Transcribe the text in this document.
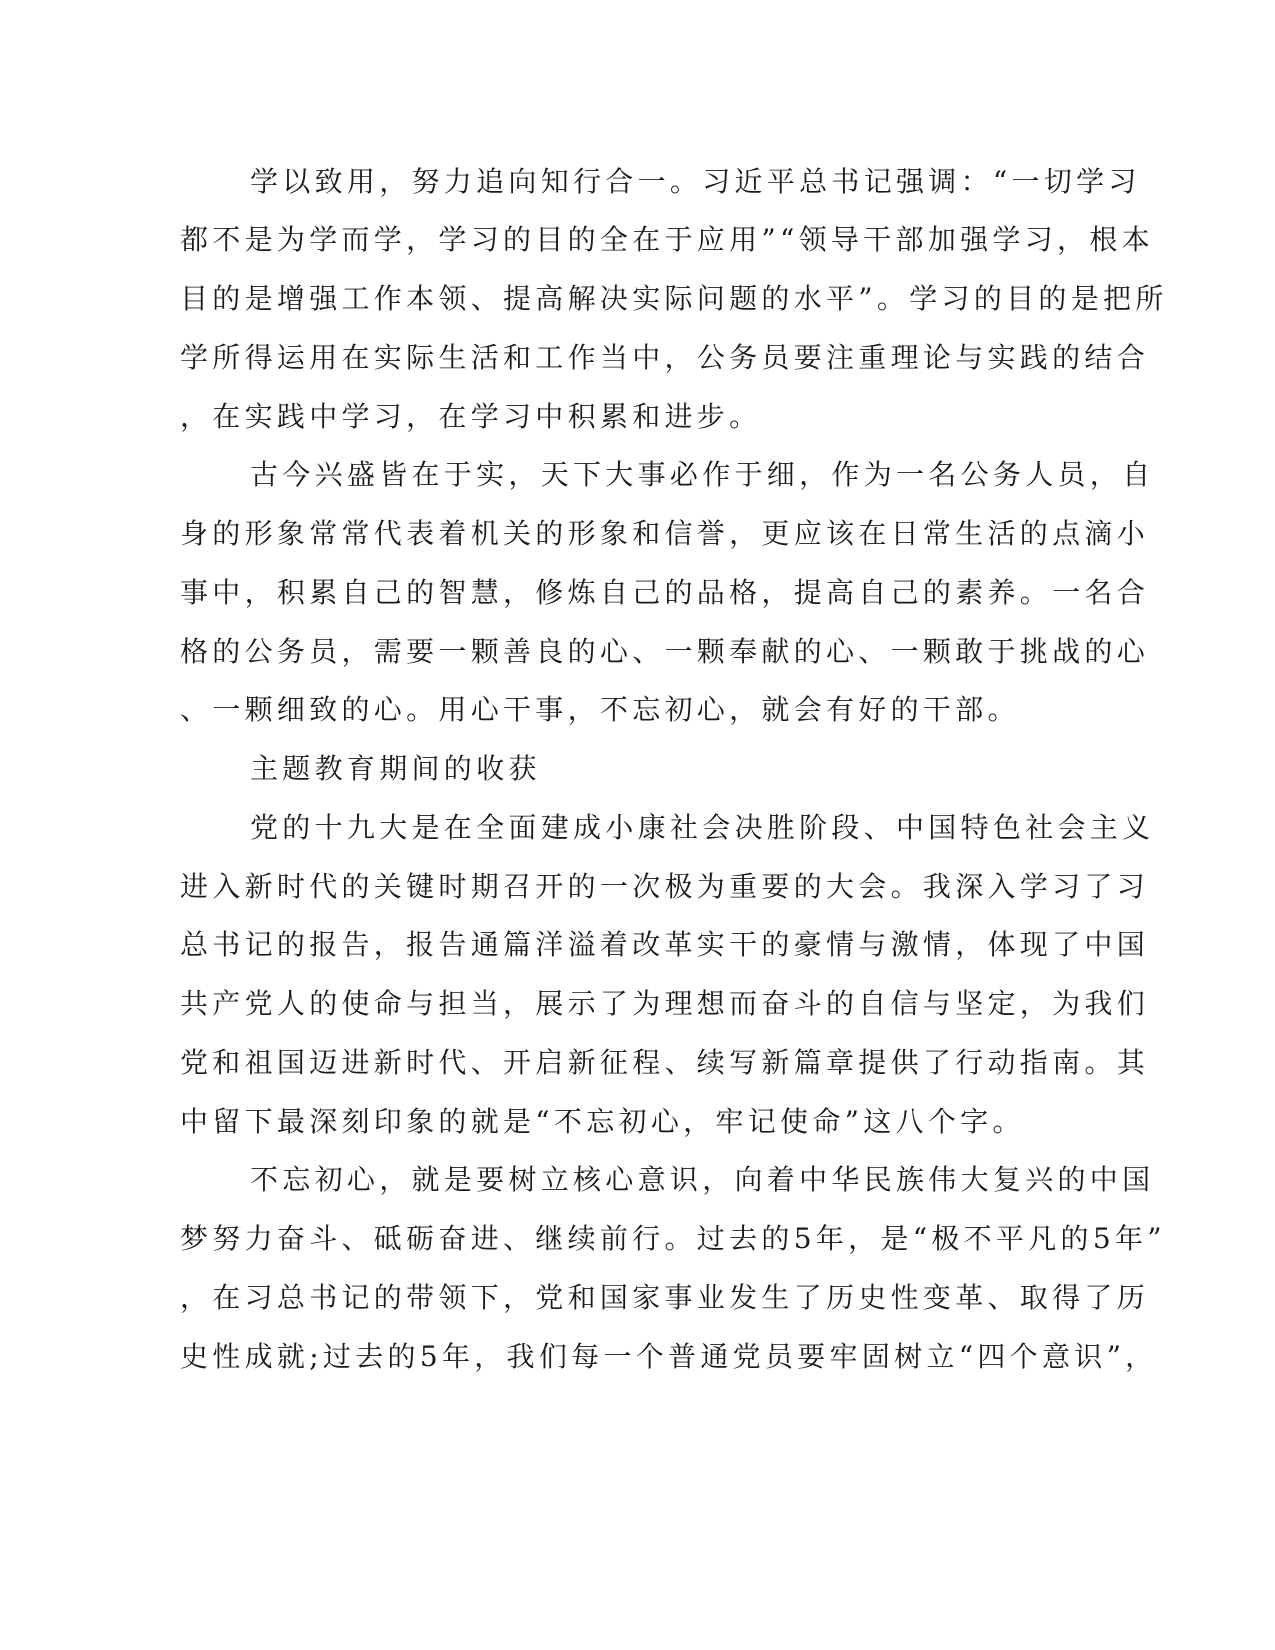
学以致用，努力追向知行合一。习近平总书记强调：“一切学习
都不是为学而学，学习的目的全在于应用”“领导干部加强学习，根本
目的是增强工作本领、提高解决实际问题的水平”。学习的目的是把所
学所得运用在实际生活和工作当中，公务员要注重理论与实践的结合
，在实践中学习，在学习中积累和进步。
古今兴盛皆在于实，天下大事必作于细，作为一名公务人员，自
身的形象常常代表着机关的形象和信誉，更应该在日常生活的点滴小
事中，积累自己的智慧，修炼自己的品格，提高自己的素养。一名合
格的公务员，需要一颗善良的心、一颗奉献的心、一颗敢于挑战的心
、一颗细致的心。用心干事，不忘初心，就会有好的干部。
主题教育期间的收获
党的十九大是在全面建成小康社会决胜阶段、中国特色社会主义
进入新时代的关键时期召开的一次极为重要的大会。我深入学习了习
总书记的报告，报告通篇洋溢着改革实干的豪情与激情，体现了中国
共产党人的使命与担当，展示了为理想而奋斗的自信与坚定，为我们
党和祖国迈进新时代、开启新征程、续写新篇章提供了行动指南。其
中留下最深刻印象的就是“不忘初心，牢记使命”这八个字。
不忘初心，就是要树立核心意识，向着中华民族伟大复兴的中国
梦努力奋斗、砥砺奋进、继续前行。过去的5年，是“极不平凡的5年”
，在习总书记的带领下，党和国家事业发生了历史性变革、取得了历
史性成就;过去的5年，我们每一个普通党员要牢固树立“四个意识”，
